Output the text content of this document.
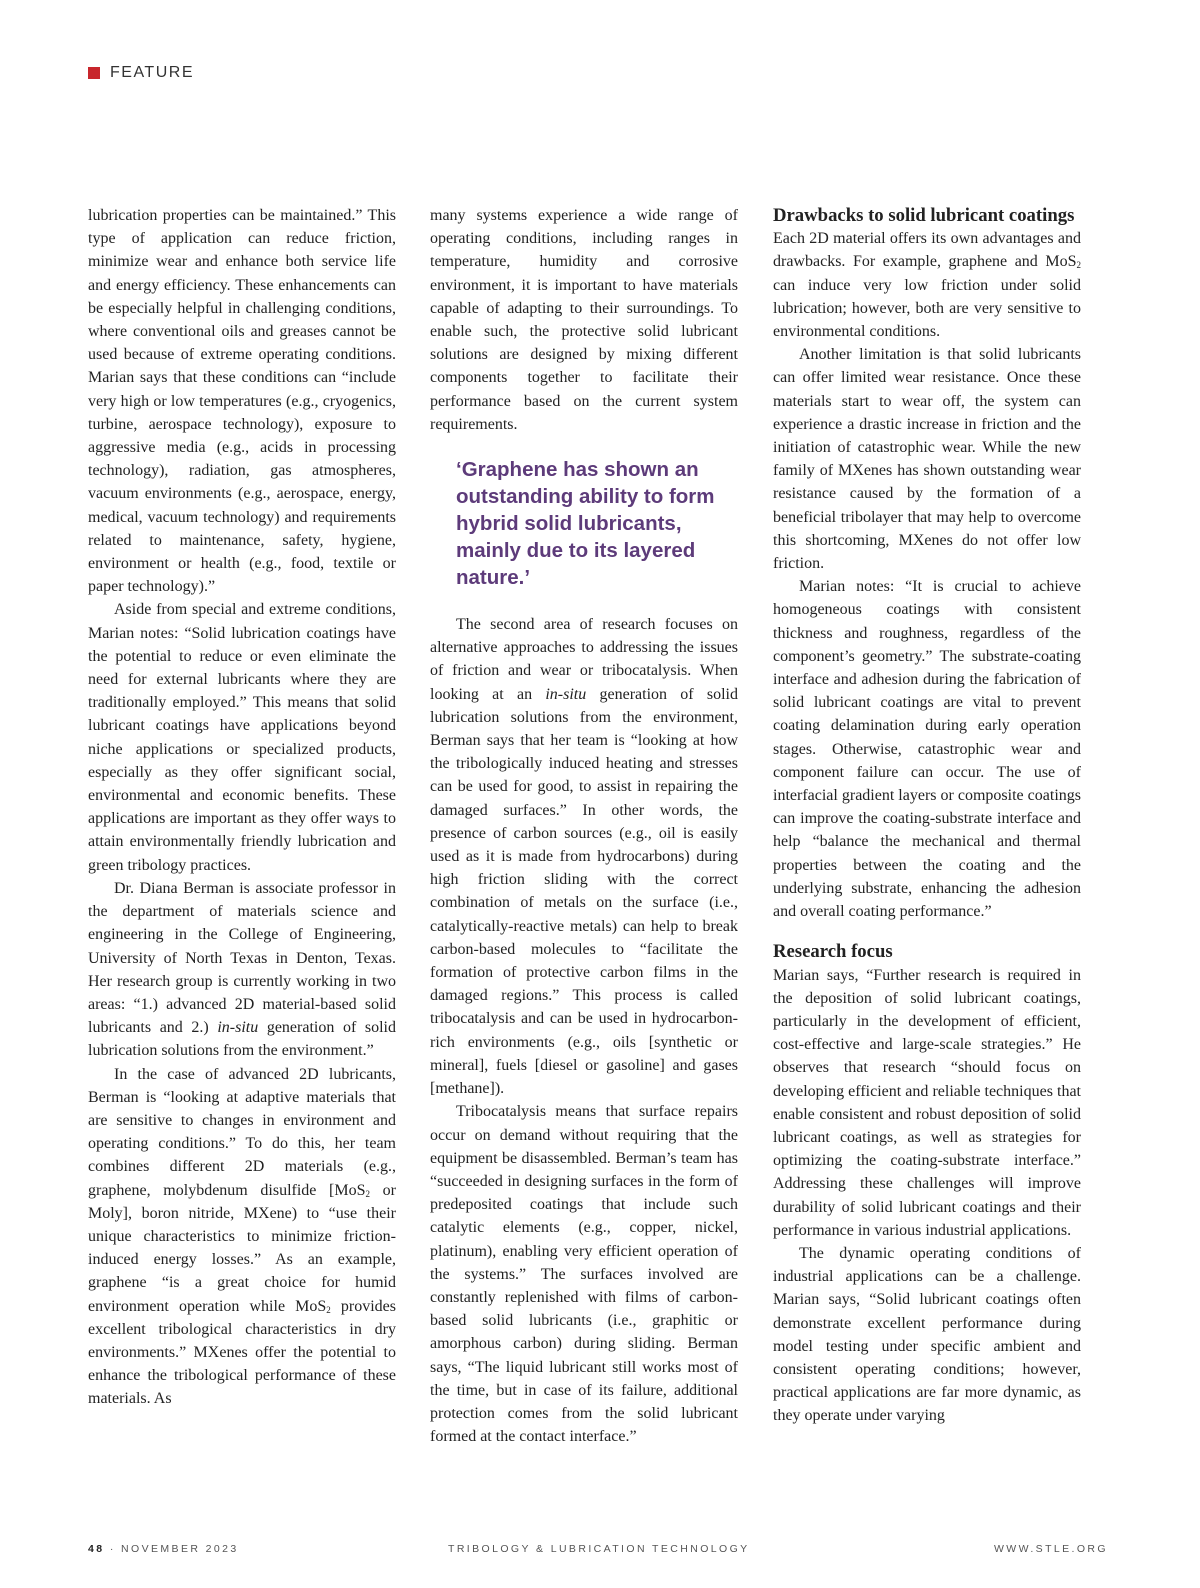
FEATURE

lubrication properties can be maintained.” This type of application can reduce friction, minimize wear and enhance both service life and energy efficiency. These enhancements can be especially helpful in challenging conditions, where conventional oils and greases cannot be used because of extreme operating conditions. Marian says that these conditions can “include very high or low temperatures (e.g., cryogenics, turbine, aerospace technology), exposure to aggressive media (e.g., acids in processing technology), radiation, gas atmospheres, vacuum environments (e.g., aerospace, energy, medical, vacuum technology) and requirements related to maintenance, safety, hygiene, environment or health (e.g., food, textile or paper technology).”

Aside from special and extreme conditions, Marian notes: “Solid lubrication coatings have the potential to reduce or even eliminate the need for external lubricants where they are traditionally employed.” This means that solid lubricant coatings have applications beyond niche applications or specialized products, especially as they offer significant social, environmental and economic benefits. These applications are important as they offer ways to attain environmentally friendly lubrication and green tribology practices.

Dr. Diana Berman is associate professor in the department of materials science and engineering in the College of Engineering, University of North Texas in Denton, Texas. Her research group is currently working in two areas: “1.) advanced 2D material-based solid lubricants and 2.) in-situ generation of solid lubrication solutions from the environment.”

In the case of advanced 2D lubricants, Berman is “looking at adaptive materials that are sensitive to changes in environment and operating conditions.” To do this, her team combines different 2D materials (e.g., graphene, molybdenum disulfide [MoS$_2$ or Moly], boron nitride, MXene) to “use their unique characteristics to minimize friction-induced energy losses.” As an example, graphene “is a great choice for humid environment operation while MoS$_2$ provides excellent tribological characteristics in dry environments.” MXenes offer the potential to enhance the tribological performance of these materials. As

many systems experience a wide range of operating conditions, including ranges in temperature, humidity and corrosive environment, it is important to have materials capable of adapting to their surroundings. To enable such, the protective solid lubricant solutions are designed by mixing different components together to facilitate their performance based on the current system requirements.

‘Graphene has shown an outstanding ability to form hybrid solid lubricants, mainly due to its layered nature.’

The second area of research focuses on alternative approaches to addressing the issues of friction and wear or tribocatalysis. When looking at an in-situ generation of solid lubrication solutions from the environment, Berman says that her team is “looking at how the tribologically induced heating and stresses can be used for good, to assist in repairing the damaged surfaces.” In other words, the presence of carbon sources (e.g., oil is easily used as it is made from hydrocarbons) during high friction sliding with the correct combination of metals on the surface (i.e., catalytically-reactive metals) can help to break carbon-based molecules to “facilitate the formation of protective carbon films in the damaged regions.” This process is called tribocatalysis and can be used in hydrocarbon-rich environments (e.g., oils [synthetic or mineral], fuels [diesel or gasoline] and gases [methane]).

Tribocatalysis means that surface repairs occur on demand without requiring that the equipment be disassembled. Berman’s team has “succeeded in designing surfaces in the form of predeposited coatings that include such catalytic elements (e.g., copper, nickel, platinum), enabling very efficient operation of the systems.” The surfaces involved are constantly replenished with films of carbon-based solid lubricants (i.e., graphitic or amorphous carbon) during sliding. Berman says, “The liquid lubricant still works most of the time, but in case of its failure, additional protection comes from the solid lubricant formed at the contact interface.”

Drawbacks to solid lubricant coatings

Each 2D material offers its own advantages and drawbacks. For example, graphene and MoS$_2$ can induce very low friction under solid lubrication; however, both are very sensitive to environmental conditions.

Another limitation is that solid lubricants can offer limited wear resistance. Once these materials start to wear off, the system can experience a drastic increase in friction and the initiation of catastrophic wear. While the new family of MXenes has shown outstanding wear resistance caused by the formation of a beneficial tribolayer that may help to overcome this shortcoming, MXenes do not offer low friction.

Marian notes: “It is crucial to achieve homogeneous coatings with consistent thickness and roughness, regardless of the component’s geometry.” The substrate-coating interface and adhesion during the fabrication of solid lubricant coatings are vital to prevent coating delamination during early operation stages. Otherwise, catastrophic wear and component failure can occur. The use of interfacial gradient layers or composite coatings can improve the coating-substrate interface and help “balance the mechanical and thermal properties between the coating and the underlying substrate, enhancing the adhesion and overall coating performance.”

Research focus

Marian says, “Further research is required in the deposition of solid lubricant coatings, particularly in the development of efficient, cost-effective and large-scale strategies.” He observes that research “should focus on developing efficient and reliable techniques that enable consistent and robust deposition of solid lubricant coatings, as well as strategies for optimizing the coating-substrate interface.” Addressing these challenges will improve durability of solid lubricant coatings and their performance in various industrial applications.

The dynamic operating conditions of industrial applications can be a challenge. Marian says, “Solid lubricant coatings often demonstrate excellent performance during model testing under specific ambient and consistent operating conditions; however, practical applications are far more dynamic, as they operate under varying

48 · NOVEMBER 2023	TRIBOLOGY & LUBRICATION TECHNOLOGY	WWW.STLE.ORG
